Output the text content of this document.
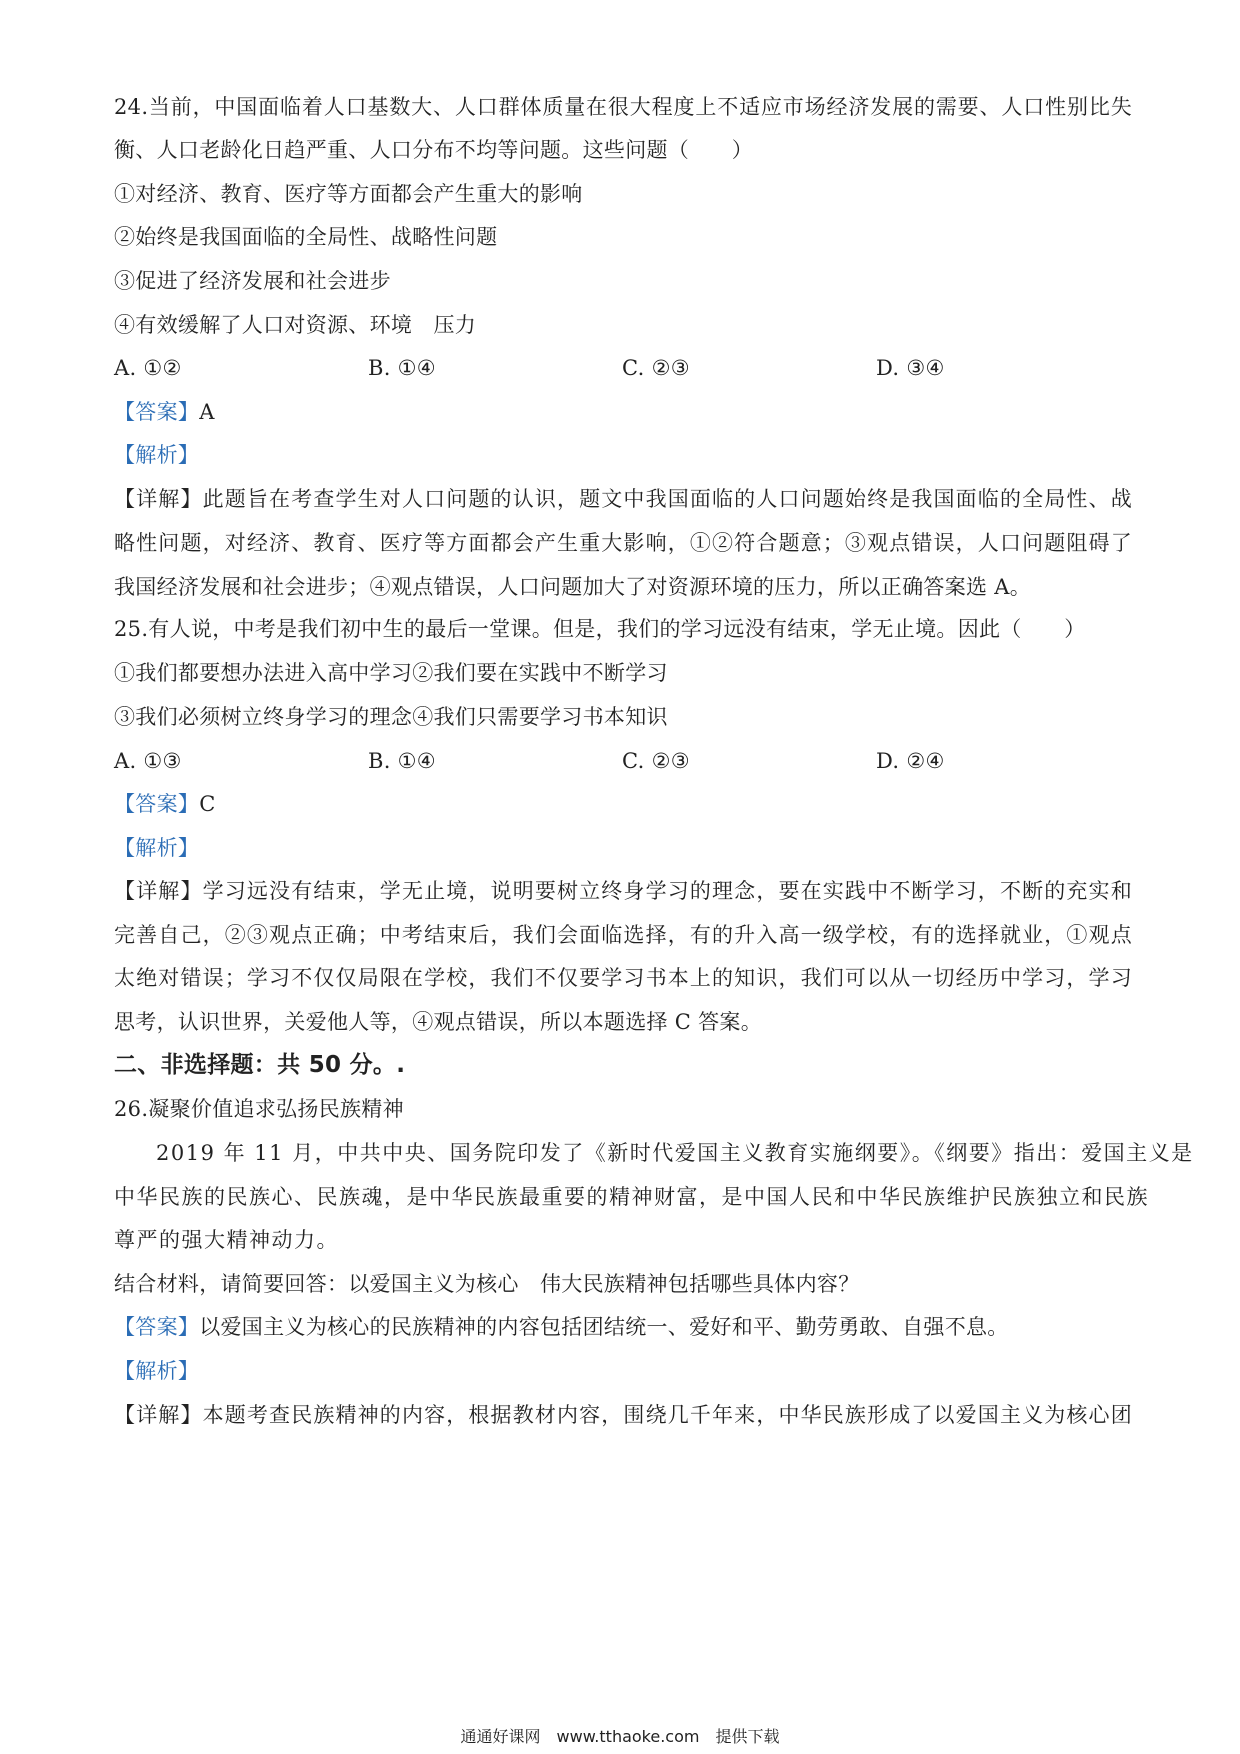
24.当前，中国面临着人口基数大、人口群体质量在很大程度上不适应市场经济发展的需要、人口性别比失
衡、人口老龄化日趋严重、人口分布不均等问题。这些问题（　　）
①对经济、教育、医疗等方面都会产生重大的影响
②始终是我国面临的全局性、战略性问题
③促进了经济发展和社会进步
④有效缓解了人口对资源、环境　压力
A. ①②	B. ①④	C. ②③	D. ③④
【答案】A
【解析】
【详解】此题旨在考查学生对人口问题的认识，题文中我国面临的人口问题始终是我国面临的全局性、战
略性问题，对经济、教育、医疗等方面都会产生重大影响，①②符合题意；③观点错误，人口问题阻碍了
我国经济发展和社会进步；④观点错误，人口问题加大了对资源环境的压力，所以正确答案选 A。
25.有人说，中考是我们初中生的最后一堂课。但是，我们的学习远没有结束，学无止境。因此（　　）
①我们都要想办法进入高中学习②我们要在实践中不断学习
③我们必须树立终身学习的理念④我们只需要学习书本知识
A. ①③	B. ①④	C. ②③	D. ②④
【答案】C
【解析】
【详解】学习远没有结束，学无止境，说明要树立终身学习的理念，要在实践中不断学习，不断的充实和
完善自己，②③观点正确；中考结束后，我们会面临选择，有的升入高一级学校，有的选择就业，①观点
太绝对错误；学习不仅仅局限在学校，我们不仅要学习书本上的知识，我们可以从一切经历中学习，学习
思考，认识世界，关爱他人等，④观点错误，所以本题选择 C 答案。
二、非选择题：共 50 分。.
26.凝聚价值追求弘扬民族精神
2019 年 11 月，中共中央、国务院印发了《新时代爱国主义教育实施纲要》。《纲要》指出：爱国主义是
中华民族的民族心、民族魂，是中华民族最重要的精神财富，是中国人民和中华民族维护民族独立和民族
尊严的强大精神动力。
结合材料，请简要回答：以爱国主义为核心　伟大民族精神包括哪些具体内容？
【答案】以爱国主义为核心的民族精神的内容包括团结统一、爱好和平、勤劳勇敢、自强不息。
【解析】
【详解】本题考查民族精神的内容，根据教材内容，围绕几千年来，中华民族形成了以爱国主义为核心团
通通好课网　www.tthaoke.com　提供下载
